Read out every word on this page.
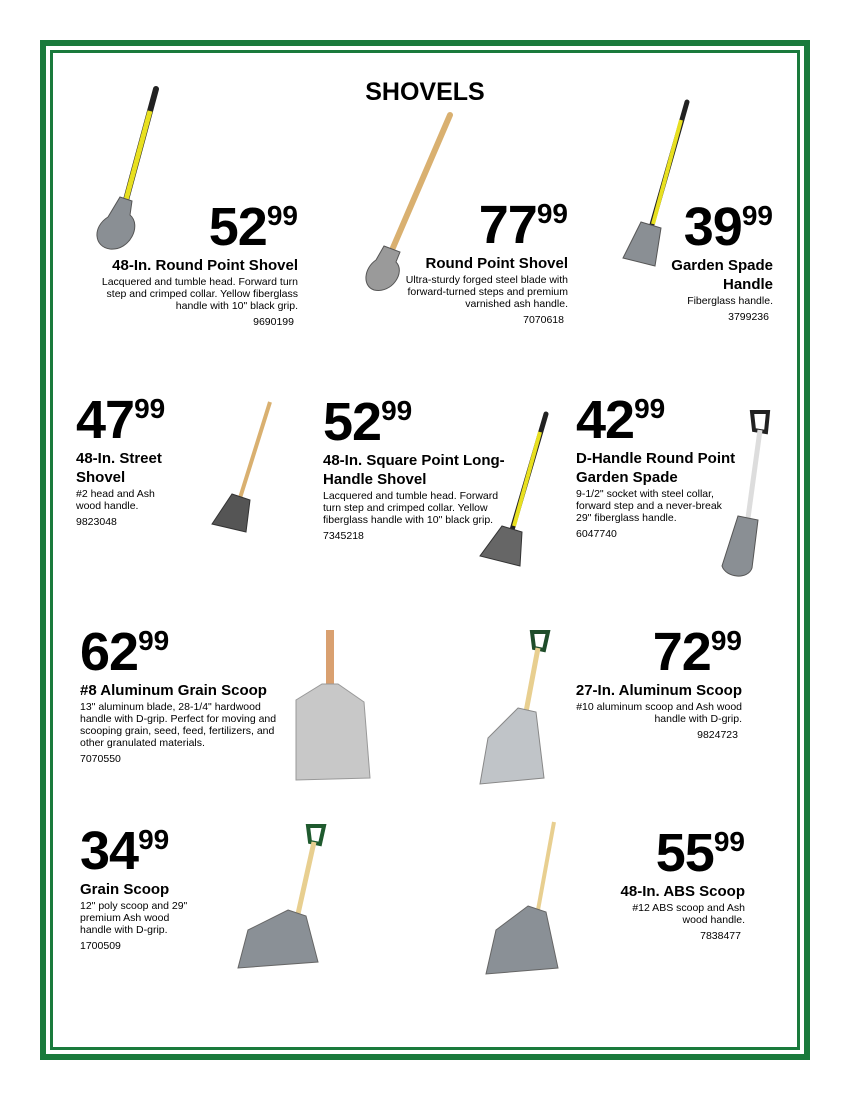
SHOVELS
5299
48-In. Round Point Shovel
Lacquered and tumble head. Forward turn step and crimped collar. Yellow fiberglass handle with 10" black grip.
9690199
7799
Round Point Shovel
Ultra-sturdy forged steel blade with forward-turned steps and premium varnished ash handle.
7070618
3999
Garden Spade Handle
Fiberglass handle.
3799236
4799
48-In. Street Shovel
#2 head and Ash wood handle.
9823048
5299
48-In. Square Point Long-Handle Shovel
Lacquered and tumble head. Forward turn step and crimped collar. Yellow fiberglass handle with 10" black grip.
7345218
4299
D-Handle Round Point Garden Spade
9-1/2" socket with steel collar, forward step and a never-break 29" fiberglass handle.
6047740
6299
#8 Aluminum Grain Scoop
13" aluminum blade, 28-1/4" hardwood handle with D-grip. Perfect for moving and scooping grain, seed, feed, fertilizers, and other granulated materials.
7070550
7299
27-In. Aluminum Scoop
#10 aluminum scoop and Ash wood handle with D-grip.
9824723
3499
Grain Scoop
12" poly scoop and 29" premium Ash wood handle with D-grip.
1700509
5599
48-In. ABS Scoop
#12 ABS scoop and Ash wood handle.
7838477
